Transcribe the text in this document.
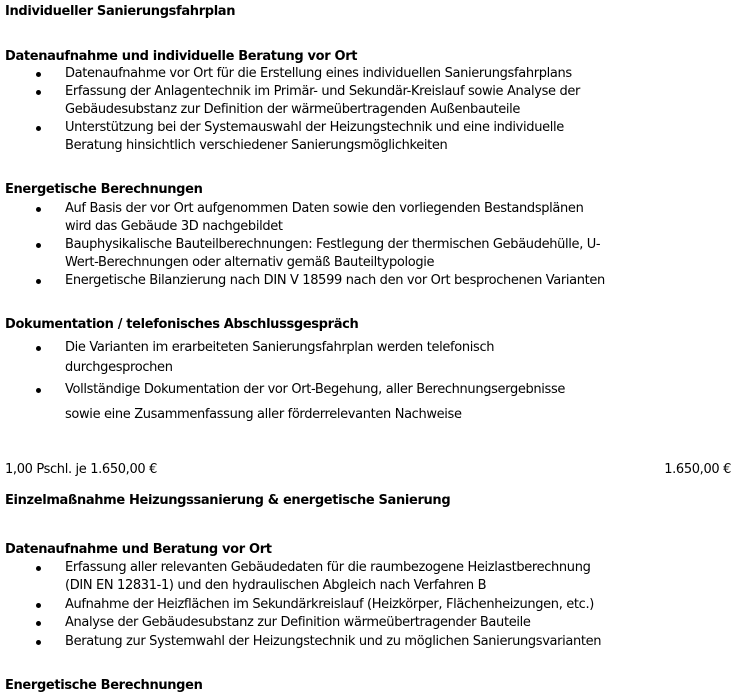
Individueller Sanierungsfahrplan
Datenaufnahme und individuelle Beratung vor Ort
Datenaufnahme vor Ort für die Erstellung eines individuellen Sanierungsfahrplans
Erfassung der Anlagentechnik im Primär- und Sekundär-Kreislauf sowie Analyse der
Gebäudesubstanz zur Definition der wärmeübertragenden Außenbauteile
Unterstützung bei der Systemauswahl der Heizungstechnik und eine individuelle
Beratung hinsichtlich verschiedener Sanierungsmöglichkeiten
Energetische Berechnungen
Auf Basis der vor Ort aufgenommen Daten sowie den vorliegenden Bestandsplänen
wird das Gebäude 3D nachgebildet
Bauphysikalische Bauteilberechnungen: Festlegung der thermischen Gebäudehülle, U-
Wert-Berechnungen oder alternativ gemäß Bauteiltypologie
Energetische Bilanzierung nach DIN V 18599 nach den vor Ort besprochenen Varianten
Dokumentation / telefonisches Abschlussgespräch
Die Varianten im erarbeiteten Sanierungsfahrplan werden telefonisch
durchgesprochen
Vollständige Dokumentation der vor Ort-Begehung, aller Berechnungsergebnisse
sowie eine Zusammenfassung aller förderrelevanten Nachweise
1,00 Pschl. je 1.650,00 €	1.650,00 €
Einzelmaßnahme Heizungssanierung & energetische Sanierung
Datenaufnahme und Beratung vor Ort
Erfassung aller relevanten Gebäudedaten für die raumbezogene Heizlastberechnung
(DIN EN 12831-1) und den hydraulischen Abgleich nach Verfahren B
Aufnahme der Heizflächen im Sekundärkreislauf (Heizkörper, Flächenheizungen, etc.)
Analyse der Gebäudesubstanz zur Definition wärmeübertragender Bauteile
Beratung zur Systemwahl der Heizungstechnik und zu möglichen Sanierungsvarianten
Energetische Berechnungen
